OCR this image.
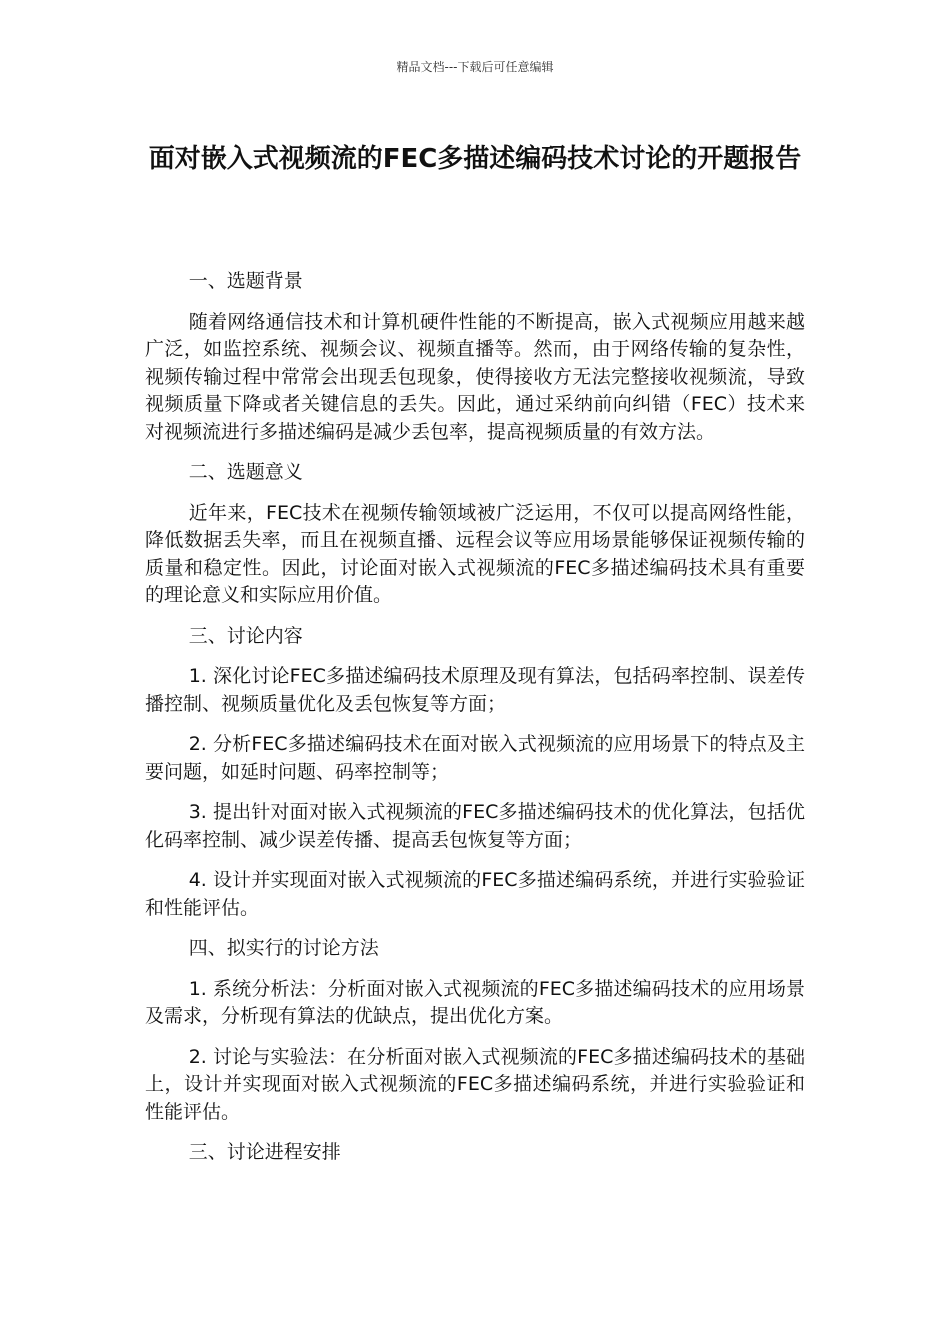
精品文档---下载后可任意编辑
面对嵌入式视频流的FEC多描述编码技术讨论的开题报告

一、选题背景

随着网络通信技术和计算机硬件性能的不断提高，嵌入式视频应用越来越广泛，如监控系统、视频会议、视频直播等。然而，由于网络传输的复杂性，视频传输过程中常常会出现丢包现象，使得接收方无法完整接收视频流，导致视频质量下降或者关键信息的丢失。因此，通过采纳前向纠错（FEC）技术来对视频流进行多描述编码是减少丢包率，提高视频质量的有效方法。

二、选题意义

近年来，FEC技术在视频传输领域被广泛运用，不仅可以提高网络性能，降低数据丢失率，而且在视频直播、远程会议等应用场景能够保证视频传输的质量和稳定性。因此，讨论面对嵌入式视频流的FEC多描述编码技术具有重要的理论意义和实际应用价值。

三、讨论内容

1. 深化讨论FEC多描述编码技术原理及现有算法，包括码率控制、误差传播控制、视频质量优化及丢包恢复等方面；

2. 分析FEC多描述编码技术在面对嵌入式视频流的应用场景下的特点及主要问题，如延时问题、码率控制等；

3. 提出针对面对嵌入式视频流的FEC多描述编码技术的优化算法，包括优化码率控制、减少误差传播、提高丢包恢复等方面；

4. 设计并实现面对嵌入式视频流的FEC多描述编码系统，并进行实验验证和性能评估。

四、拟实行的讨论方法

1. 系统分析法：分析面对嵌入式视频流的FEC多描述编码技术的应用场景及需求，分析现有算法的优缺点，提出优化方案。

2. 讨论与实验法：在分析面对嵌入式视频流的FEC多描述编码技术的基础上，设计并实现面对嵌入式视频流的FEC多描述编码系统，并进行实验验证和性能评估。

三、讨论进程安排
